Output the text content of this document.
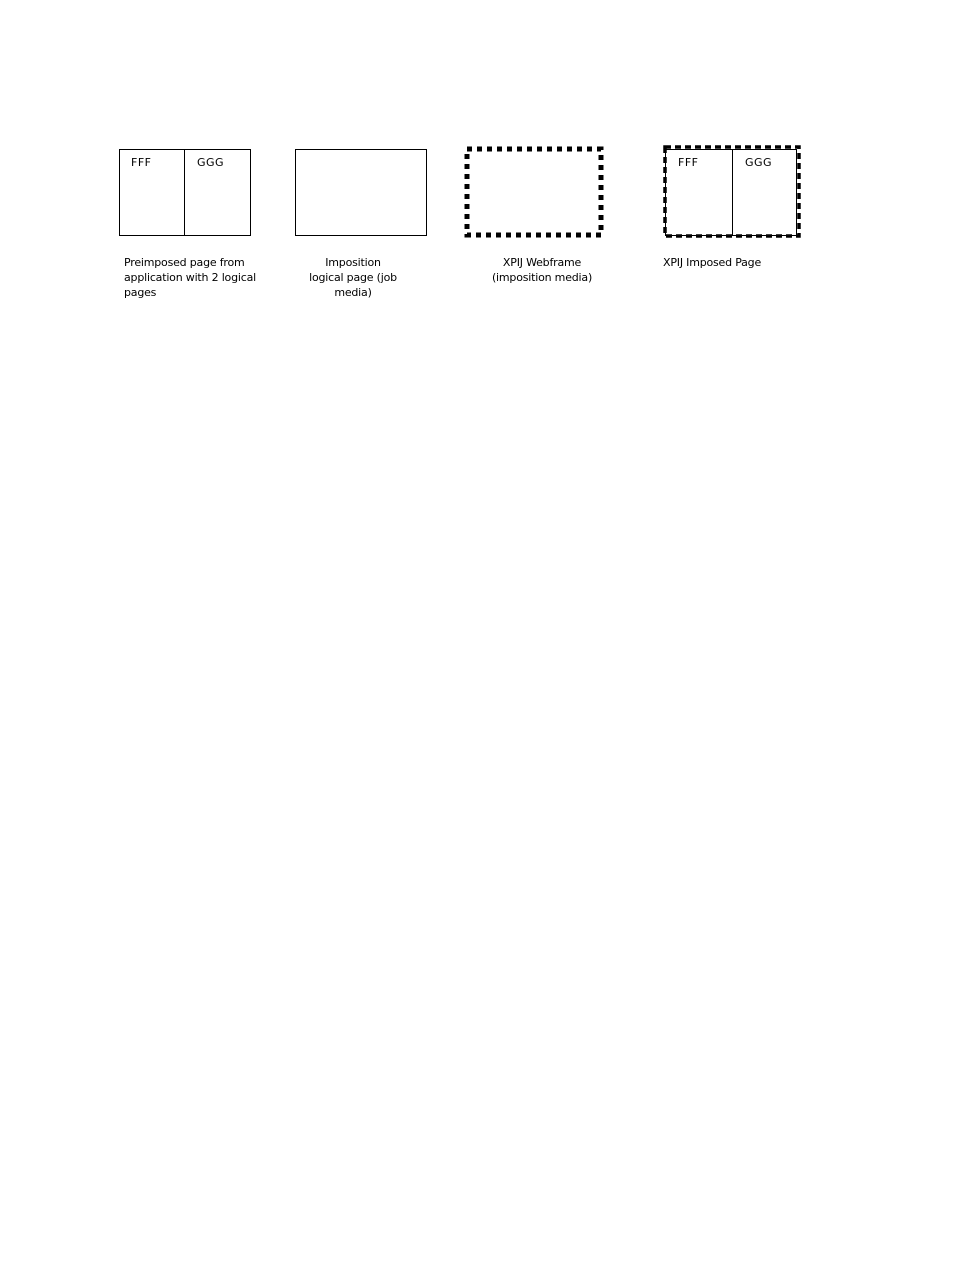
FFF	GGG
Preimposed page from
application with 2 logical
pages
Imposition
logical page (job
media)
XPIJ Webframe
(imposition media)
FFF	GGG
XPIJ Imposed Page
